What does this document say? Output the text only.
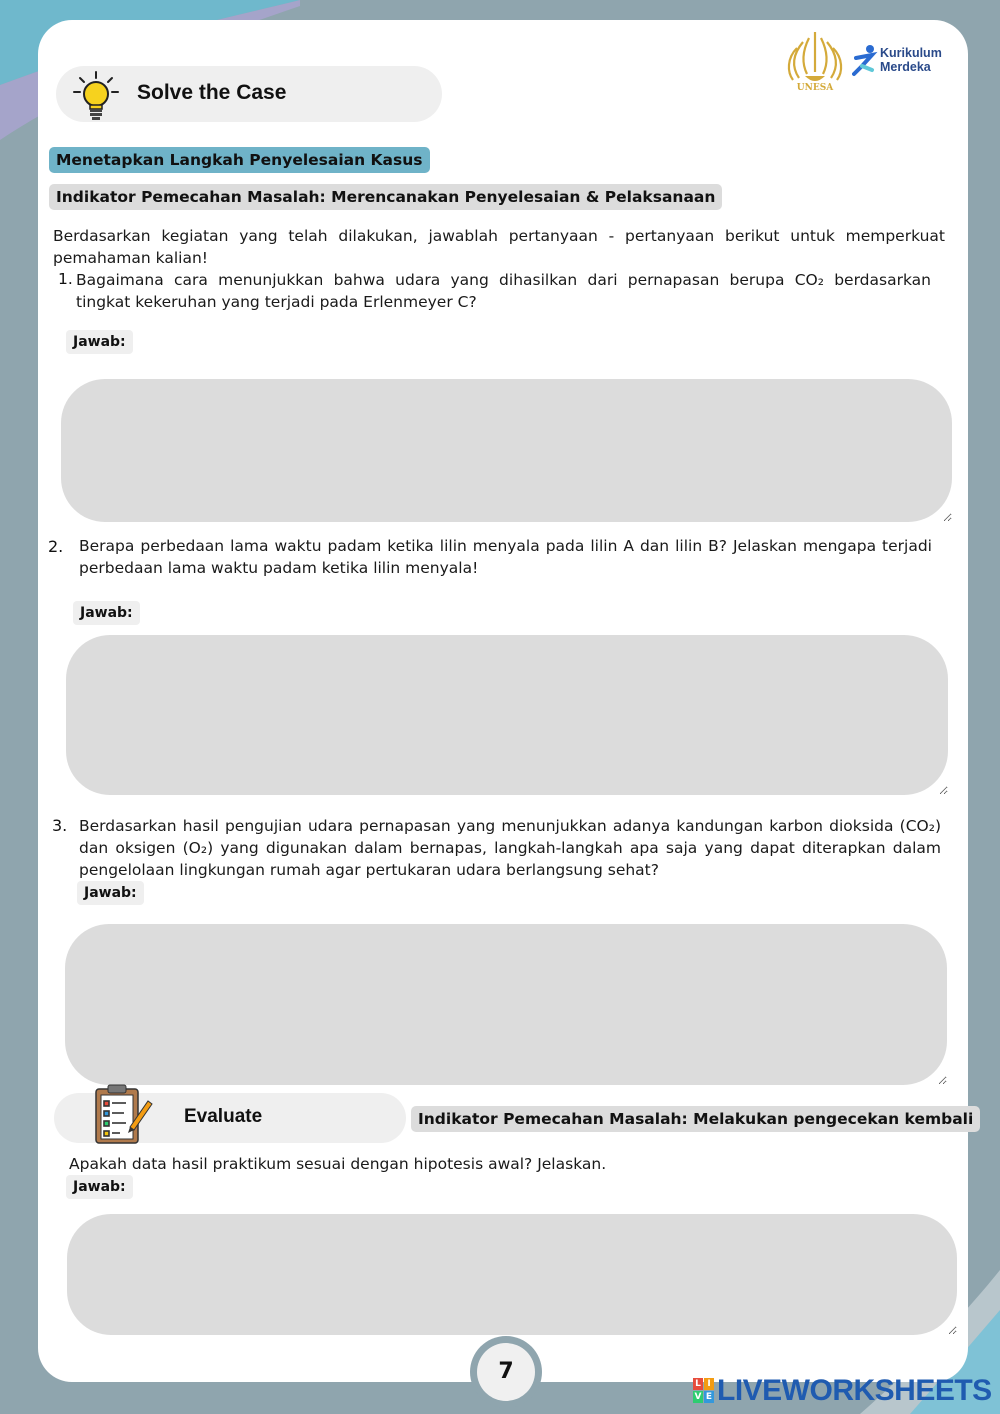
UNESA
Kurikulum
Merdeka
Solve the Case
Menetapkan Langkah Penyelesaian Kasus
Indikator Pemecahan Masalah: Merencanakan Penyelesaian & Pelaksanaan
Berdasarkan kegiatan yang telah dilakukan, jawablah pertanyaan - pertanyaan berikut untuk memperkuat pemahaman kalian!
1. Bagaimana cara menunjukkan bahwa udara yang dihasilkan dari pernapasan berupa CO₂ berdasarkan tingkat kekeruhan yang terjadi pada Erlenmeyer C?
Jawab:
2. Berapa perbedaan lama waktu padam ketika lilin menyala pada lilin A dan lilin B? Jelaskan mengapa terjadi perbedaan lama waktu padam ketika lilin menyala!
Jawab:
3. Berdasarkan hasil pengujian udara pernapasan yang menunjukkan adanya kandungan karbon dioksida (CO₂) dan oksigen (O₂) yang digunakan dalam bernapas, langkah-langkah apa saja yang dapat diterapkan dalam pengelolaan lingkungan rumah agar pertukaran udara berlangsung sehat?
Jawab:
Evaluate	Indikator Pemecahan Masalah: Melakukan pengecekan kembali
Apakah data hasil praktikum sesuai dengan hipotesis awal? Jelaskan.
Jawab:
7	L I
V E LIVEWORKSHEETS
